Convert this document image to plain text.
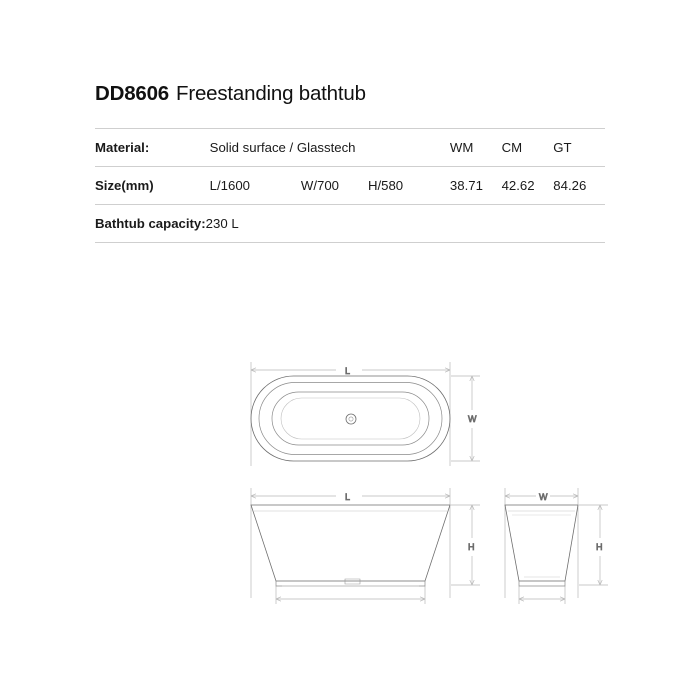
DD8606 Freestanding bathtub
Material:	Solid surface / Glasstech			WM	CM	GT
Size(mm)	L/1600	W/700	H/580	38.71	42.62	84.26
Bathtub capacity:	230 L					
L
W
L
H
W
H
